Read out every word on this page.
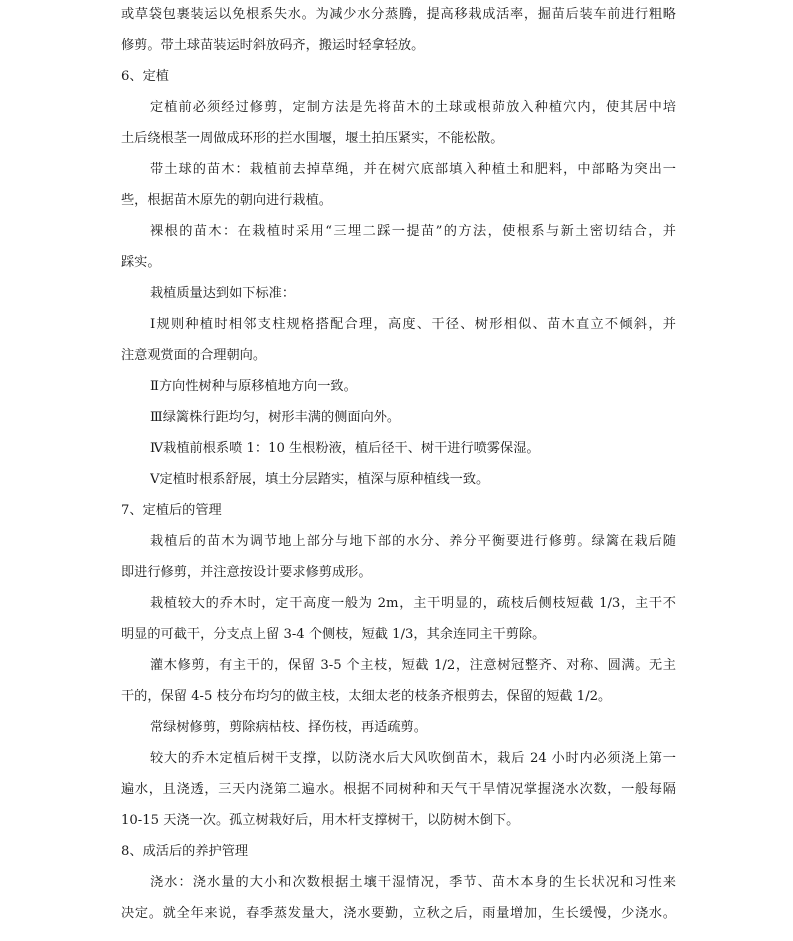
或草袋包裹装运以免根系失水。为减少水分蒸腾，提高移栽成活率，掘苗后装车前进行粗略
修剪。带土球苗装运时斜放码齐，搬运时轻拿轻放。
6、定植
定植前必须经过修剪，定制方法是先将苗木的土球或根茆放入种植穴内，使其居中培
土后绕根茎一周做成环形的拦水围堰，堰土拍压紧实，不能松散。
带土球的苗木：栽植前去掉草绳，并在树穴底部填入种植土和肥料，中部略为突出一
些，根据苗木原先的朝向进行栽植。
裸根的苗木：在栽植时采用“三埋二踩一提苗”的方法，使根系与新土密切结合，并
踩实。
栽植质量达到如下标准：
Ⅰ规则种植时相邻支柱规格搭配合理，高度、干径、树形相似、苗木直立不倾斜，并
注意观赏面的合理朝向。
Ⅱ方向性树种与原移植地方向一致。
Ⅲ绿篱株行距均匀，树形丰满的侧面向外。
Ⅳ栽植前根系喷 1：10 生根粉液，植后径干、树干进行喷雾保湿。
Ⅴ定植时根系舒展，填土分层踏实，植深与原种植线一致。
7、定植后的管理
栽植后的苗木为调节地上部分与地下部的水分、养分平衡要进行修剪。绿篱在栽后随
即进行修剪，并注意按设计要求修剪成形。
栽植较大的乔木时，定干高度一般为 2m，主干明显的，疏枝后侧枝短截 1/3，主干不
明显的可截干，分支点上留 3-4 个侧枝，短截 1/3，其余连同主干剪除。
灌木修剪，有主干的，保留 3-5 个主枝，短截 1/2，注意树冠整齐、对称、圆满。无主
干的，保留 4-5 枝分布均匀的做主枝，太细太老的枝条齐根剪去，保留的短截 1/2。
常绿树修剪，剪除病枯枝、择伤枝，再适疏剪。
较大的乔木定植后树干支撑，以防浇水后大风吹倒苗木，栽后 24 小时内必须浇上第一
遍水，且浇透，三天内浇第二遍水。根据不同树种和天气干旱情况掌握浇水次数，一般每隔
10-15 天浇一次。孤立树栽好后，用木杆支撑树干，以防树木倒下。
8、成活后的养护管理
浇水：浇水量的大小和次数根据土壤干湿情况，季节、苗木本身的生长状况和习性来
决定。就全年来说，春季蒸发量大，浇水要勤，立秋之后，雨量增加，生长缓慢，少浇水。
